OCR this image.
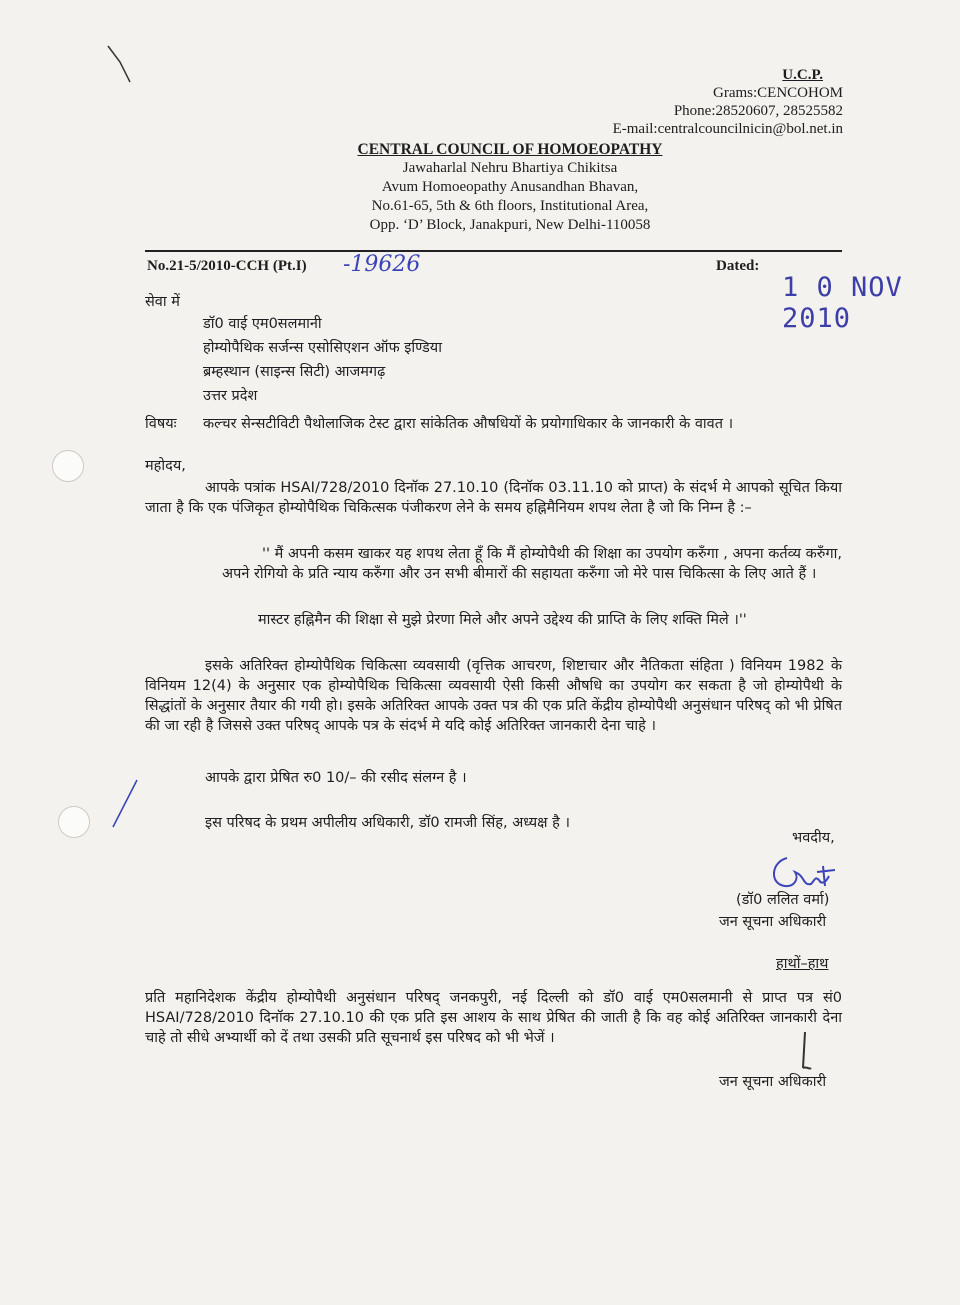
U.C.P.
Grams:CENCOHOM
Phone:28520607, 28525582
E-mail:centralcouncilnicin@bol.net.in
CENTRAL COUNCIL OF HOMOEOPATHY
Jawaharlal Nehru Bhartiya Chikitsa
Avum Homoeopathy Anusandhan Bhavan,
No.61-65, 5th & 6th floors, Institutional Area,
Opp. ‘D’ Block, Janakpuri, New Delhi-110058
No.21-5/2010-CCH (Pt.I) -19626	Dated:
1 0 NOV 2010
सेवा में
डॉ0 वाई एम0सलमानी
होम्योपैथिक सर्जन्स एसोसिएशन ऑफ इण्डिया
ब्रम्हस्थान (साइन्स सिटी) आजमगढ़
उत्तर प्रदेश
विषयः कल्चर सेन्सटीविटी पैथोलाजिक टेस्ट द्वारा सांकेतिक औषधियों के प्रयोगाधिकार के जानकारी के वावत ।
महोदय,
आपके पत्रांक HSAI/728/2010 दिनॉक 27.10.10 (दिनॉक 03.11.10 को प्राप्त) के संदर्भ मे आपको सूचित किया जाता है कि एक पंजिकृत होम्योपैथिक चिकित्सक पंजीकरण लेने के समय हह्निमैनियम शपथ लेता है जो कि निम्न है :–
'' मैं अपनी कसम खाकर यह शपथ लेता हूँ कि मैं होम्योपैथी की शिक्षा का उपयोग करुँगा , अपना कर्तव्य करुँगा, अपने रोगियो के प्रति न्याय करुँगा और उन सभी बीमारों की सहायता करुँगा जो मेरे पास चिकित्सा के लिए आते हैं ।
मास्टर हह्निमैन की शिक्षा से मुझे प्रेरणा मिले और अपने उद्देश्य की प्राप्ति के लिए शक्ति मिले ।''
इसके अतिरिक्त होम्योपैथिक चिकित्सा व्यवसायी (वृत्तिक आचरण, शिष्टाचार और नैतिकता संहिता ) विनियम 1982 के विनियम 12(4) के अनुसार एक होम्योपैथिक चिकित्सा व्यवसायी ऐसी किसी औषधि का उपयोग कर सकता है जो होम्योपैथी के सिद्धांतों के अनुसार तैयार की गयी हो। इसके अतिरिक्त आपके उक्त पत्र की एक प्रति केंद्रीय होम्योपैथी अनुसंधान परिषद् को भी प्रेषित की जा रही है जिससे उक्त परिषद् आपके पत्र के संदर्भ मे यदि कोई अतिरिक्त जानकारी देना चाहे ।
आपके द्वारा प्रेषित रु0 10/– की रसीद संलग्न है ।
इस परिषद के प्रथम अपीलीय अधिकारी, डॉ0 रामजी सिंह, अध्यक्ष है ।
भवदीय,
(डॉ0 ललित वर्मा)
जन सूचना अधिकारी
हाथों–हाथ
प्रति महानिदेशक केंद्रीय होम्योपैथी अनुसंधान परिषद् जनकपुरी, नई दिल्ली को डॉ0 वाई एम0सलमानी से प्राप्त पत्र सं0 HSAI/728/2010 दिनॉक 27.10.10 की एक प्रति इस आशय के साथ प्रेषित की जाती है कि वह कोई अतिरिक्त जानकारी देना चाहे तो सीधे अभ्यार्थी को दें तथा उसकी प्रति सूचनार्थ इस परिषद को भी भेजें ।
जन सूचना अधिकारी
